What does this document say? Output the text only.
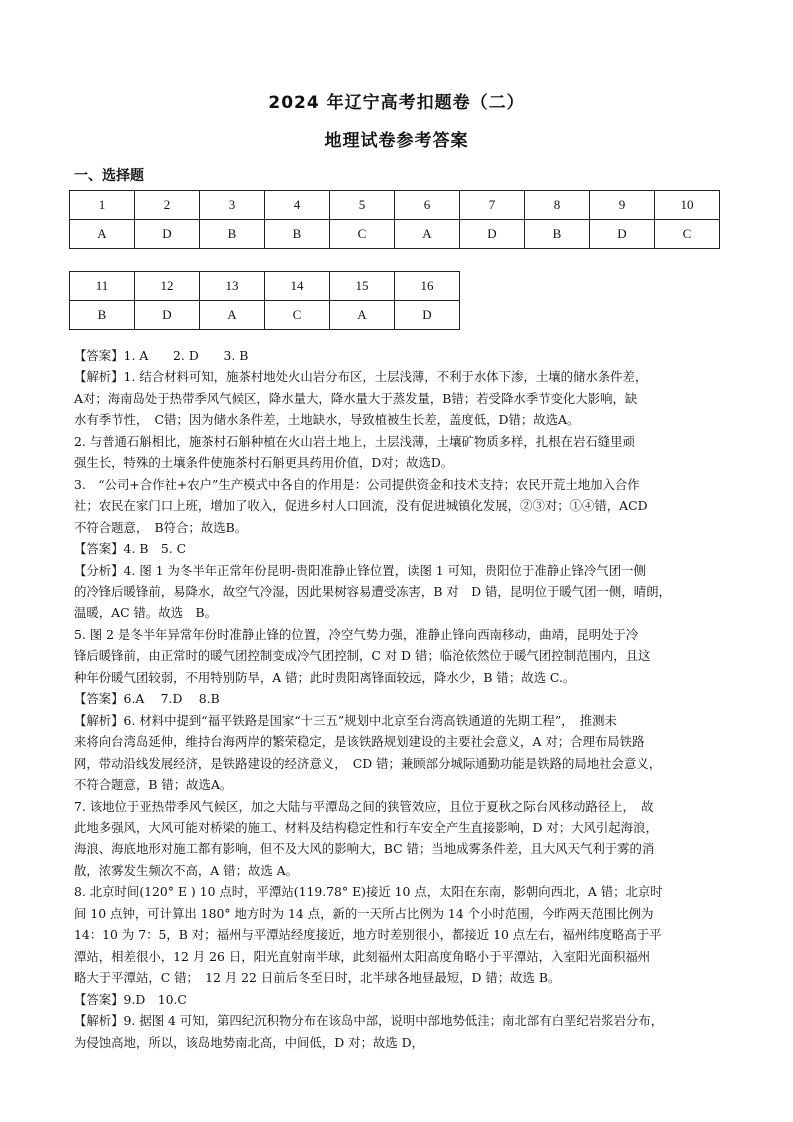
2024 年辽宁高考扣题卷（二）
地理试卷参考答案
一、选择题
1	2	3	4	5	6	7	8	9	10
A	D	B	B	C	A	D	B	D	C
11	12	13	14	15	16
B	D	A	C	A	D

【答案】1. A　　2. D　　3. B

【解析】1. 结合材料可知，施茶村地处火山岩分布区，土层浅薄，不利于水体下渗，土壤的储水条件差，

A对；海南岛处于热带季风气候区，降水量大，降水量大于蒸发量，B错；若受降水季节变化大影响，缺

水有季节性，　C错；因为储水条件差，土地缺水，导致植被生长差，盖度低，D错；故选A。

2. 与普通石斛相比，施茶村石斛种植在火山岩土地上，土层浅薄，土壤矿物质多样，扎根在岩石缝里顽

强生长，特殊的土壤条件使施茶村石斛更具药用价值，D对；故选D。

3.　“公司+合作社+农户”生产模式中各自的作用是：公司提供资金和技术支持；农民开荒土地加入合作

社；农民在家门口上班，增加了收入，促进乡村人口回流，没有促进城镇化发展，②③对；①④错，ACD

不符合题意，　B符合；故选B。

【答案】4. B　5. C

【分析】4. 图 1 为冬半年正常年份昆明-贵阳准静止锋位置，读图 1 可知，贵阳位于准静止锋冷气团一侧

的冷锋后暖锋前，易降水，故空气冷湿，因此果树容易遭受冻害，B 对　D 错，昆明位于暖气团一侧，晴朗，

温暖，AC 错。故选　B。

5. 图 2 是冬半年异常年份时准静止锋的位置，冷空气势力强，准静止锋向西南移动，曲靖，昆明处于冷

锋后暖锋前，由正常时的暖气团控制变成冷气团控制，C 对 D 错；临沧依然位于暖气团控制范围内，且这

种年份暖气团较弱，不用特别防旱，A 错；此时贵阳离锋面较远，降水少，B 错；故选 C.。

【答案】6.A　 7.D　 8.B

【解析】6. 材料中提到“福平铁路是国家“十三五”规划中北京至台湾高铁通道的先期工程”，　推测未

来将向台湾岛延伸，维持台海两岸的繁荣稳定，是该铁路规划建设的主要社会意义，A 对；合理布局铁路

网，带动沿线发展经济，是铁路建设的经济意义，　CD 错；兼顾部分城际通勤功能是铁路的局地社会意义，

不符合题意，B 错；故选A。

7. 该地位于亚热带季风气候区，加之大陆与平潭岛之间的狭管效应，且位于夏秋之际台风移动路径上，　故

此地多强风，大风可能对桥梁的施工、材料及结构稳定性和行车安全产生直接影响，D 对；大风引起海浪，

海浪、海底地形对施工都有影响，但不及大风的影响大，BC 错；当地成雾条件差，且大风天气利于雾的消

散，浓雾发生频次不高，A 错；故选 A。

8. 北京时间(120° E ) 10 点时，平潭站(119.78° E)接近 10 点，太阳在东南，影朝向西北，A 错；北京时

间 10 点钟，可计算出 180° 地方时为 14 点，新的一天所占比例为 14 个小时范围，今昨两天范围比例为

14：10 为 7：5，B 对；福州与平潭站经度接近，地方时差别很小，都接近 10 点左右，福州纬度略高于平

潭站，相差很小，12 月 26 日，阳光直射南半球，此刻福州太阳高度角略小于平潭站，入室阳光面积福州

略大于平潭站，C 错；　12 月 22 日前后冬至日时，北半球各地昼最短，D 错；故选 B。

【答案】9.D　10.C

【解析】9. 据图 4 可知，第四纪沉积物分布在该岛中部，说明中部地势低洼；南北部有白垩纪岩浆岩分布，

为侵蚀高地，所以，该岛地势南北高，中间低，D 对；故选 D，
